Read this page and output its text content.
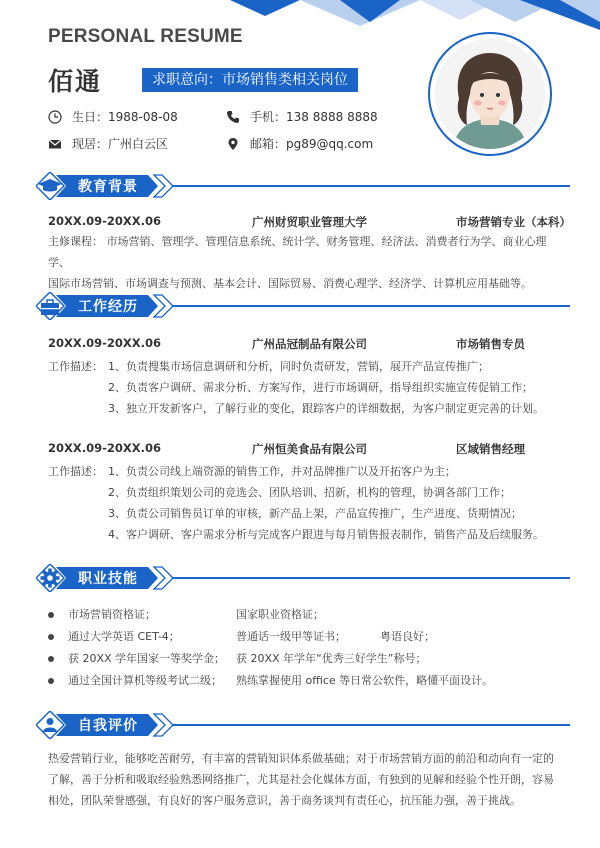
PERSONAL RESUME
佰通	求职意向：市场销售类相关岗位
生日：1988-08-08	手机：138 8888 8888
现居：广州白云区	邮箱：pg89@qq.com
教育背景
20XX.09-20XX.06	广州财贸职业管理大学	市场营销专业（本科）
主修课程： 市场营销、管理学、管理信息系统、统计学、财务管理、经济法、消费者行为学、商业心理学、
国际市场营销、市场调查与预测、基本会计、国际贸易、消费心理学、经济学、计算机应用基础等。
工作经历
20XX.09-20XX.06	广州品冠制品有限公司	市场销售专员
工作描述： 1、负责搜集市场信息调研和分析，同时负责研发，营销，展开产品宣传推广；
2、负责客户调研、需求分析、方案写作，进行市场调研，指导组织实施宣传促销工作；
3、独立开发新客户，了解行业的变化，跟踪客户的详细数据，为客户制定更完善的计划。
20XX.09-20XX.06	广州恒美食品有限公司	区域销售经理
工作描述： 1、负责公司线上端资源的销售工作，并对品牌推广以及开拓客户为主；
2、负责组织策划公司的竞选会、团队培训、招新，机构的管理，协调各部门工作；
3、负责公司销售员订单的审核，新产品上架，产品宣传推广，生产进度、货期情况；
4、客户调研、客户需求分析与完成客户跟进与每月销售报表制作，销售产品及后续服务。
职业技能
市场营销资格证；	国家职业资格证；
通过大学英语 CET-4；	普通话一级甲等证书；	粤语良好；
获 20XX 学年国家一等奖学金； 获 20XX 年学年“优秀三好学生”称号；
通过全国计算机等级考试二级； 熟练掌握使用 office 等日常公软件，略懂平面设计。
自我评价
热爱营销行业，能够吃苦耐劳，有丰富的营销知识体系做基础；对于市场营销方面的前沿和动向有一定的
了解，善于分析和吸取经验熟悉网络推广，尤其是社会化媒体方面，有独到的见解和经验个性开朗，容易
相处，团队荣誉感强，有良好的客户服务意识，善于商务谈判有责任心，抗压能力强，善于挑战。
